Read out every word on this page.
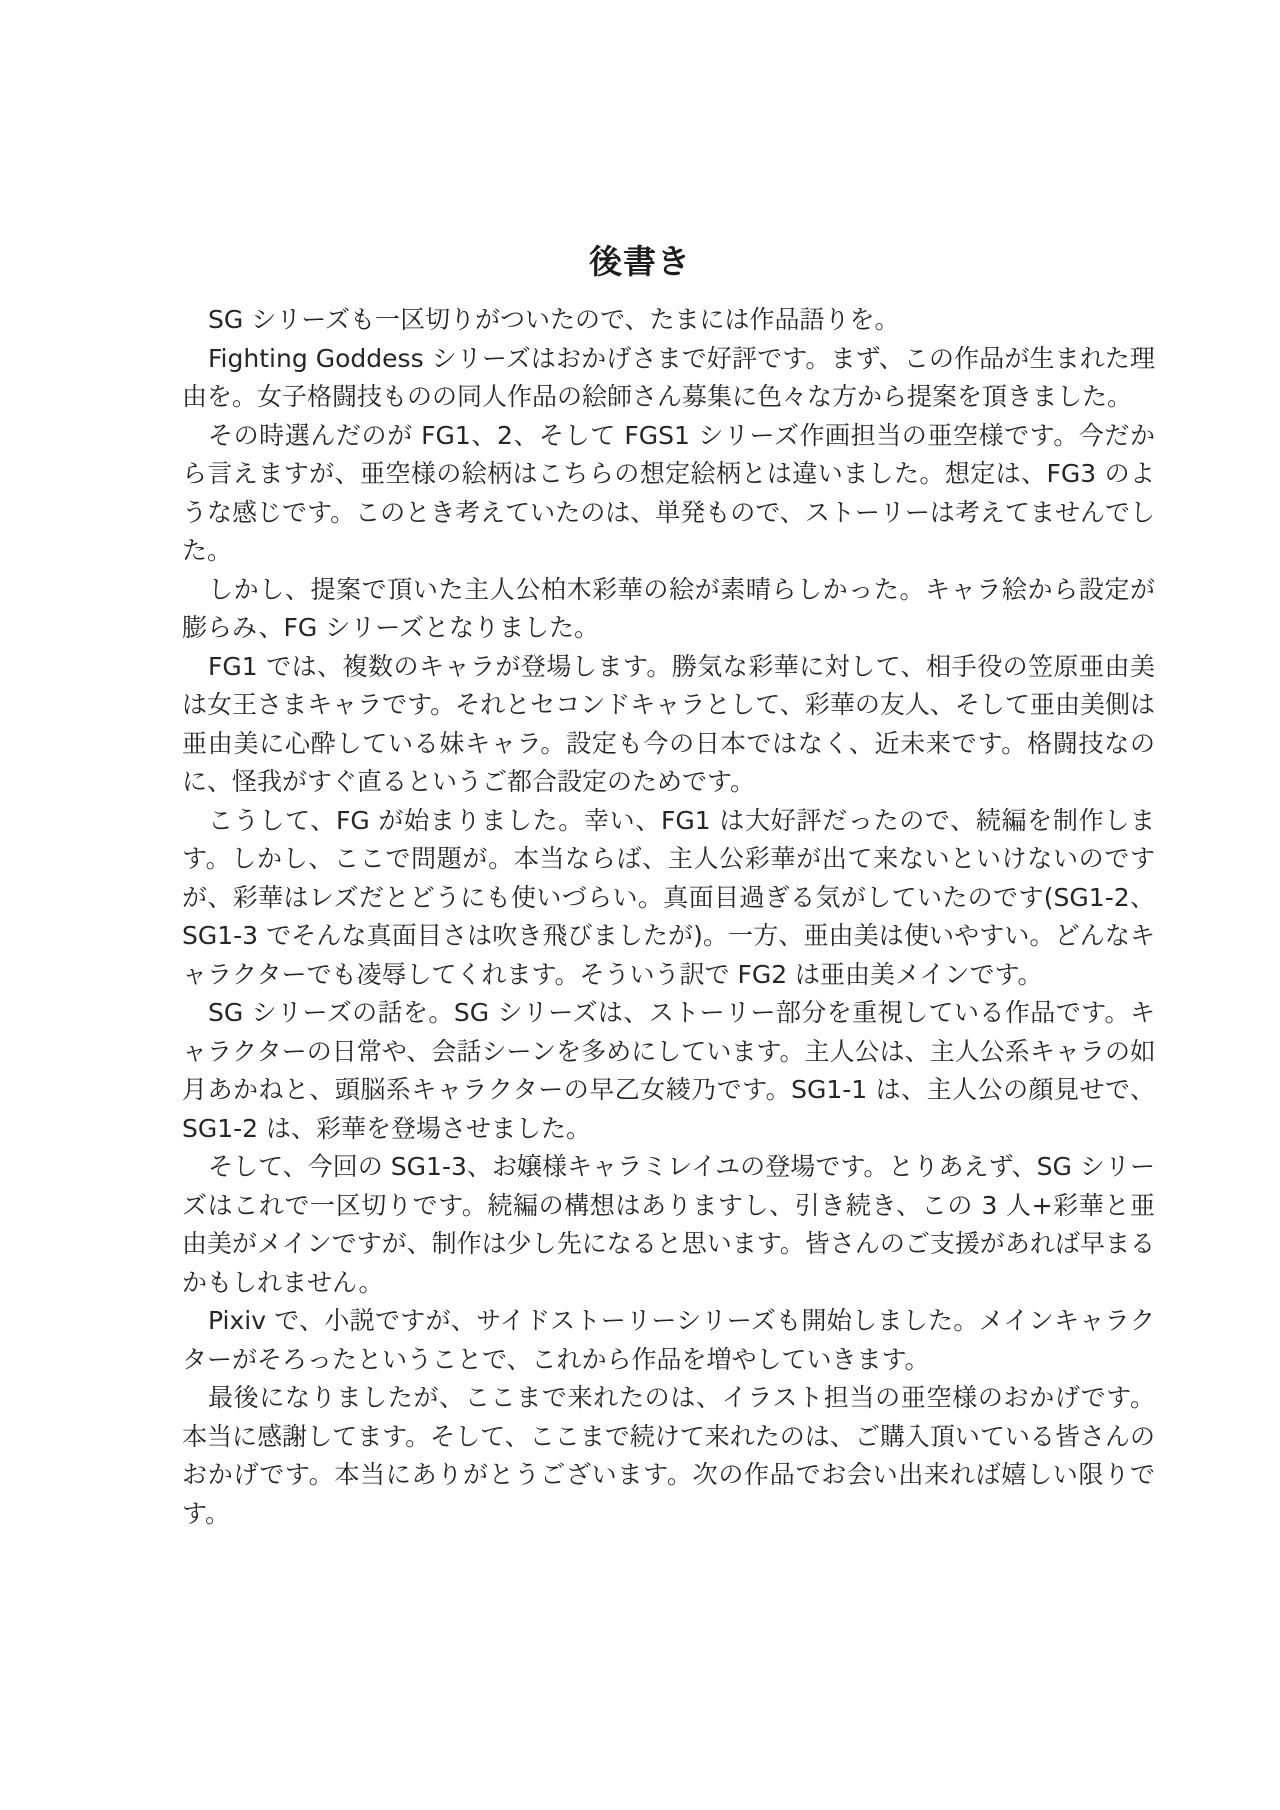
後書き

SG シリーズも一区切りがついたので、たまには作品語りを。

Fighting Goddess シリーズはおかげさまで好評です。まず、この作品が生まれた理由を。女子格闘技ものの同人作品の絵師さん募集に色々な方から提案を頂きました。

その時選んだのが FG1、2、そして FGS1 シリーズ作画担当の亜空様です。今だから言えますが、亜空様の絵柄はこちらの想定絵柄とは違いました。想定は、FG3 のような感じです。このとき考えていたのは、単発もので、ストーリーは考えてませんでした。

しかし、提案で頂いた主人公柏木彩華の絵が素晴らしかった。キャラ絵から設定が膨らみ、FG シリーズとなりました。

FG1 では、複数のキャラが登場します。勝気な彩華に対して、相手役の笠原亜由美は女王さまキャラです。それとセコンドキャラとして、彩華の友人、そして亜由美側は亜由美に心酔している妹キャラ。設定も今の日本ではなく、近未来です。格闘技なのに、怪我がすぐ直るというご都合設定のためです。

こうして、FG が始まりました。幸い、FG1 は大好評だったので、続編を制作します。しかし、ここで問題が。本当ならば、主人公彩華が出て来ないといけないのですが、彩華はレズだとどうにも使いづらい。真面目過ぎる気がしていたのです(SG1-2、SG1-3 でそんな真面目さは吹き飛びましたが)。一方、亜由美は使いやすい。どんなキャラクターでも凌辱してくれます。そういう訳で FG2 は亜由美メインです。

SG シリーズの話を。SG シリーズは、ストーリー部分を重視している作品です。キャラクターの日常や、会話シーンを多めにしています。主人公は、主人公系キャラの如月あかねと、頭脳系キャラクターの早乙女綾乃です。SG1-1 は、主人公の顔見せで、SG1-2 は、彩華を登場させました。

そして、今回の SG1-3、お嬢様キャラミレイユの登場です。とりあえず、SG シリーズはこれで一区切りです。続編の構想はありますし、引き続き、この 3 人+彩華と亜由美がメインですが、制作は少し先になると思います。皆さんのご支援があれば早まるかもしれません。

Pixiv で、小説ですが、サイドストーリーシリーズも開始しました。メインキャラクターがそろったということで、これから作品を増やしていきます。

最後になりましたが、ここまで来れたのは、イラスト担当の亜空様のおかげです。本当に感謝してます。そして、ここまで続けて来れたのは、ご購入頂いている皆さんのおかげです。本当にありがとうございます。次の作品でお会い出来れば嬉しい限りです。
